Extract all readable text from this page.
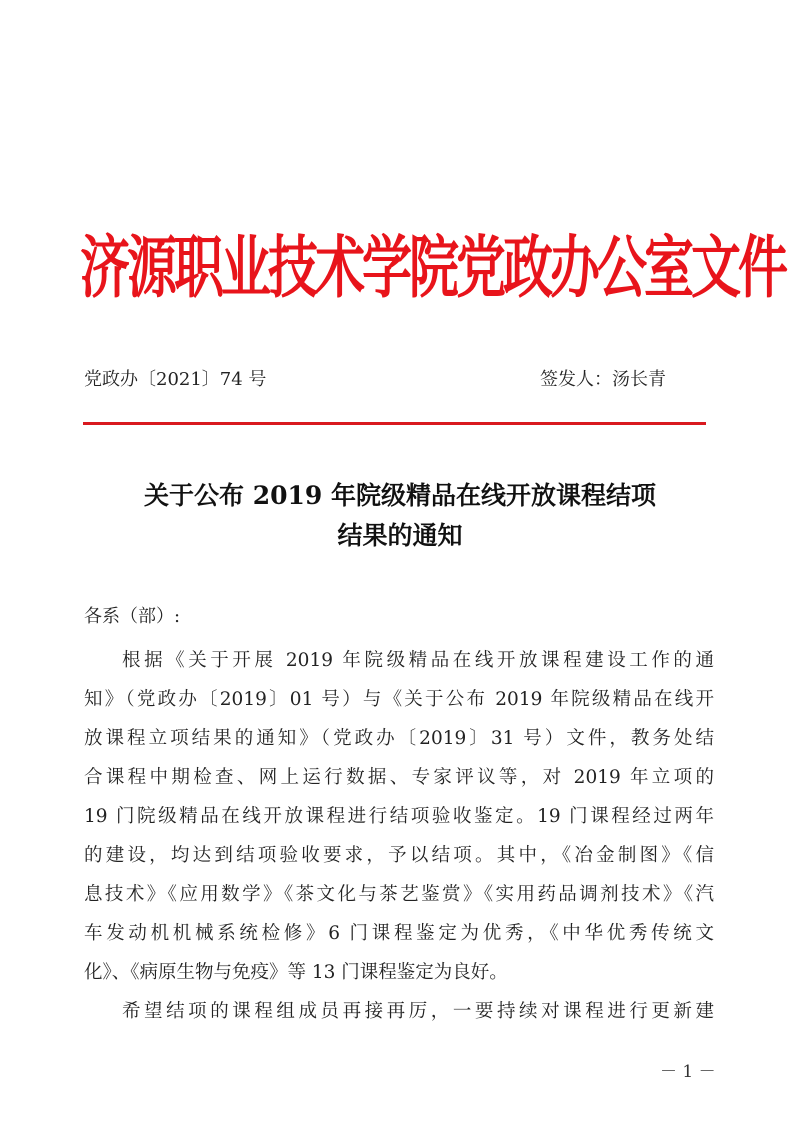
济源职业技术学院党政办公室文件
党政办〔2021〕74 号	签发人：汤长青
关于公布 2019 年院级精品在线开放课程结项
结果的通知
各系（部）:
根据《关于开展 2019 年院级精品在线开放课程建设工作的通
知》（党政办〔2019〕01 号）与《关于公布 2019 年院级精品在线开
放课程立项结果的通知》（党政办〔2019〕31 号）文件，教务处结
合课程中期检查、网上运行数据、专家评议等，对 2019 年立项的
19 门院级精品在线开放课程进行结项验收鉴定。19 门课程经过两年
的建设，均达到结项验收要求，予以结项。其中，《冶金制图》《信
息技术》《应用数学》《茶文化与茶艺鉴赏》《实用药品调剂技术》《汽
车发动机机械系统检修》6 门课程鉴定为优秀，《中华优秀传统文
化》、《病原生物与免疫》等 13 门课程鉴定为良好。
希望结项的课程组成员再接再厉，一要持续对课程进行更新建
－ 1 －
